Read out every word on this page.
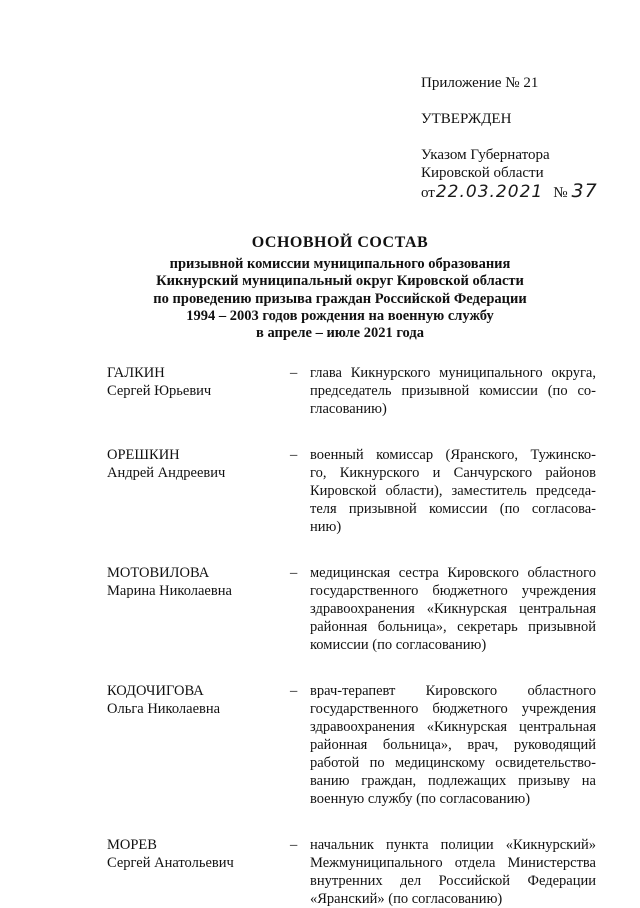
Приложение № 21
УТВЕРЖДЕН
Указом Губернатора
Кировской области
от22.03.2021 № 37
ОСНОВНОЙ СОСТАВ
призывной комиссии муниципального образования
Кикнурский муниципальный округ Кировской области
по проведению призыва граждан Российской Федерации
1994 – 2003 годов рождения на военную службу
в апреле – июле 2021 года
ГАЛКИН
Сергей Юрьевич
– глава Кикнурского муниципального округа,
председатель призывной комиссии (по со-
гласованию)
ОРЕШКИН
Андрей Андреевич
– военный комиссар (Яранского, Тужинско-
го, Кикнурского и Санчурского районов
Кировской области), заместитель председа-
теля призывной комиссии (по согласова-
нию)
МОТОВИЛОВА
Марина Николаевна
– медицинская сестра Кировского областного
государственного бюджетного учреждения
здравоохранения «Кикнурская центральная
районная больница», секретарь призывной
комиссии (по согласованию)
КОДОЧИГОВА
Ольга Николаевна
– врач-терапевт Кировского областного
государственного бюджетного учреждения
здравоохранения «Кикнурская центральная
районная больница», врач, руководящий
работой по медицинскому освидетельство-
ванию граждан, подлежащих призыву на
военную службу (по согласованию)
МОРЕВ
Сергей Анатольевич
– начальник пункта полиции «Кикнурский»
Межмуниципального отдела Министерства
внутренних дел Российской Федерации
«Яранский» (по согласованию)
